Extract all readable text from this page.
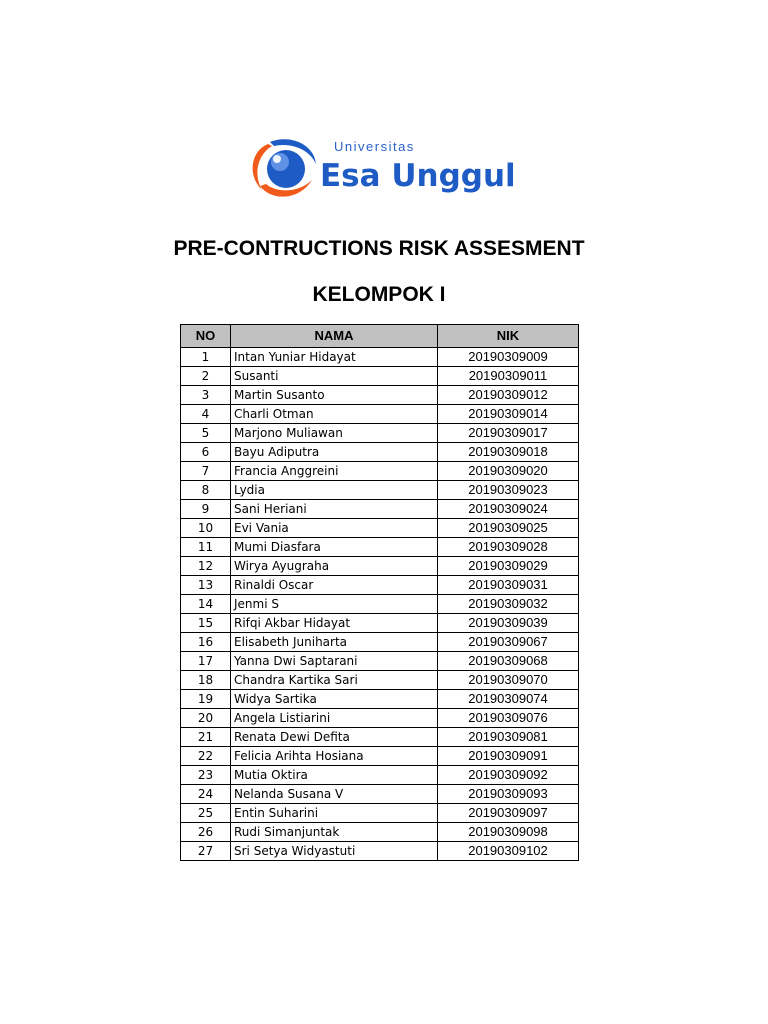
Universitas
Esa Unggul
PRE-CONTRUCTIONS RISK ASSESMENT
KELOMPOK I
NO	NAMA	NIK
1	Intan Yuniar Hidayat	20190309009
2	Susanti	20190309011
3	Martin Susanto	20190309012
4	Charli Otman	20190309014
5	Marjono Muliawan	20190309017
6	Bayu Adiputra	20190309018
7	Francia Anggreini	20190309020
8	Lydia	20190309023
9	Sani Heriani	20190309024
10	Evi Vania	20190309025
11	Mumi Diasfara	20190309028
12	Wirya Ayugraha	20190309029
13	Rinaldi Oscar	20190309031
14	Jenmi S	20190309032
15	Rifqi Akbar Hidayat	20190309039
16	Elisabeth Juniharta	20190309067
17	Yanna Dwi Saptarani	20190309068
18	Chandra Kartika Sari	20190309070
19	Widya Sartika	20190309074
20	Angela Listiarini	20190309076
21	Renata Dewi Defita	20190309081
22	Felicia Arihta Hosiana	20190309091
23	Mutia Oktira	20190309092
24	Nelanda Susana V	20190309093
25	Entin Suharini	20190309097
26	Rudi Simanjuntak	20190309098
27	Sri Setya Widyastuti	20190309102
